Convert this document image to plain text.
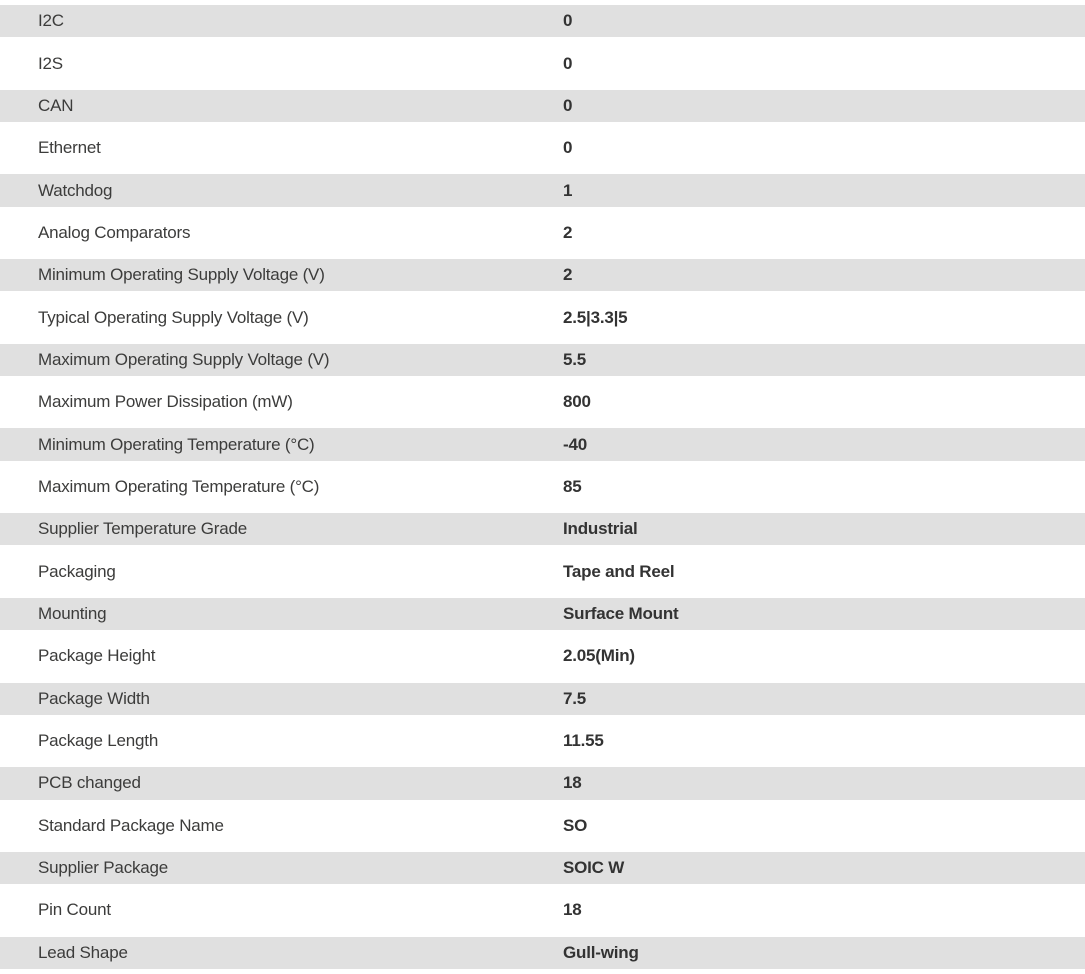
I2C	0
I2S	0
CAN	0
Ethernet	0
Watchdog	1
Analog Comparators	2
Minimum Operating Supply Voltage (V)	2
Typical Operating Supply Voltage (V)	2.5|3.3|5
Maximum Operating Supply Voltage (V)	5.5
Maximum Power Dissipation (mW)	800
Minimum Operating Temperature (°C)	-40
Maximum Operating Temperature (°C)	85
Supplier Temperature Grade	Industrial
Packaging	Tape and Reel
Mounting	Surface Mount
Package Height	2.05(Min)
Package Width	7.5
Package Length	11.55
PCB changed	18
Standard Package Name	SO
Supplier Package	SOIC W
Pin Count	18
Lead Shape	Gull-wing
